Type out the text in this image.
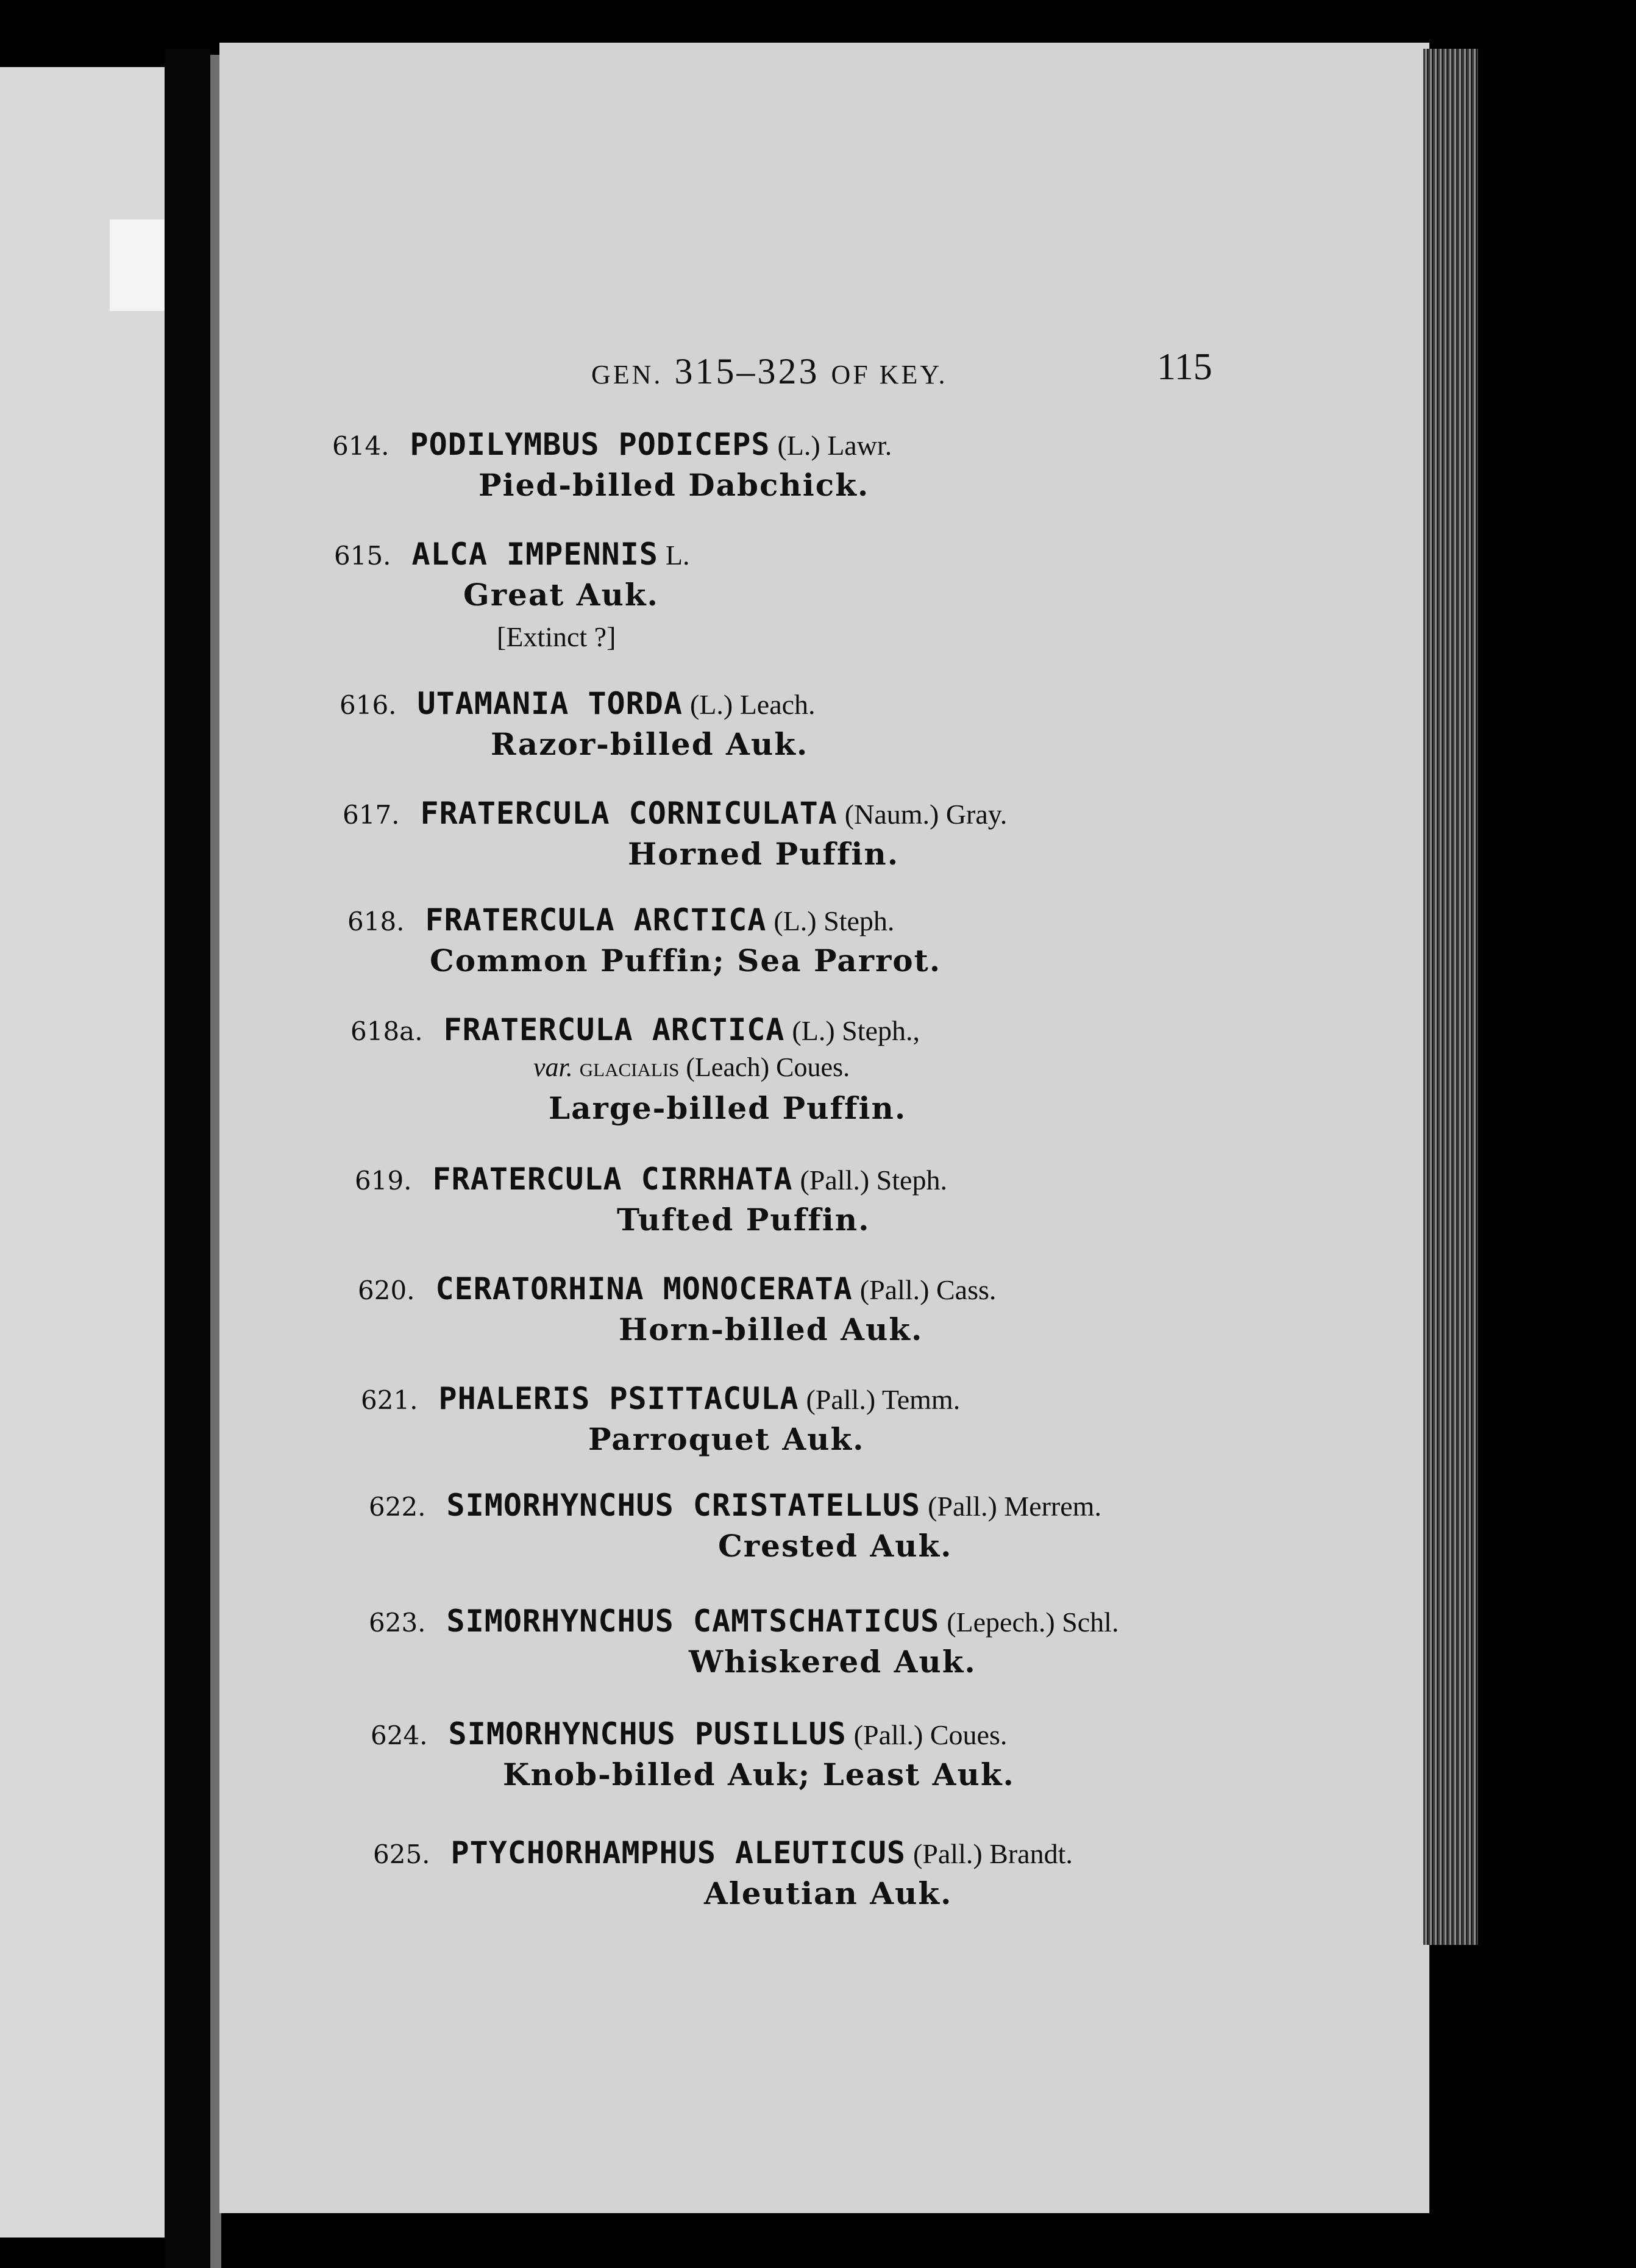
GEN. 315–323 OF KEY.	115
614. PODILYMBUS PODICEPS (L.) Lawr.
Pied-billed Dabchick.
615. ALCA IMPENNIS L.
Great Auk.
[Extinct ?]
616. UTAMANIA TORDA (L.) Leach.
Razor-billed Auk.
617. FRATERCULA CORNICULATA (Naum.) Gray.
Horned Puffin.
618. FRATERCULA ARCTICA (L.) Steph.
Common Puffin; Sea Parrot.
618a. FRATERCULA ARCTICA (L.) Steph.,
var. glacialis (Leach) Coues.
Large-billed Puffin.
619. FRATERCULA CIRRHATA (Pall.) Steph.
Tufted Puffin.
620. CERATORHINA MONOCERATA (Pall.) Cass.
Horn-billed Auk.
621. PHALERIS PSITTACULA (Pall.) Temm.
Parroquet Auk.
622. SIMORHYNCHUS CRISTATELLUS (Pall.) Merrem.
Crested Auk.
623. SIMORHYNCHUS CAMTSCHATICUS (Lepech.) Schl.
Whiskered Auk.
624. SIMORHYNCHUS PUSILLUS (Pall.) Coues.
Knob-billed Auk; Least Auk.
625. PTYCHORHAMPHUS ALEUTICUS (Pall.) Brandt.
Aleutian Auk.
